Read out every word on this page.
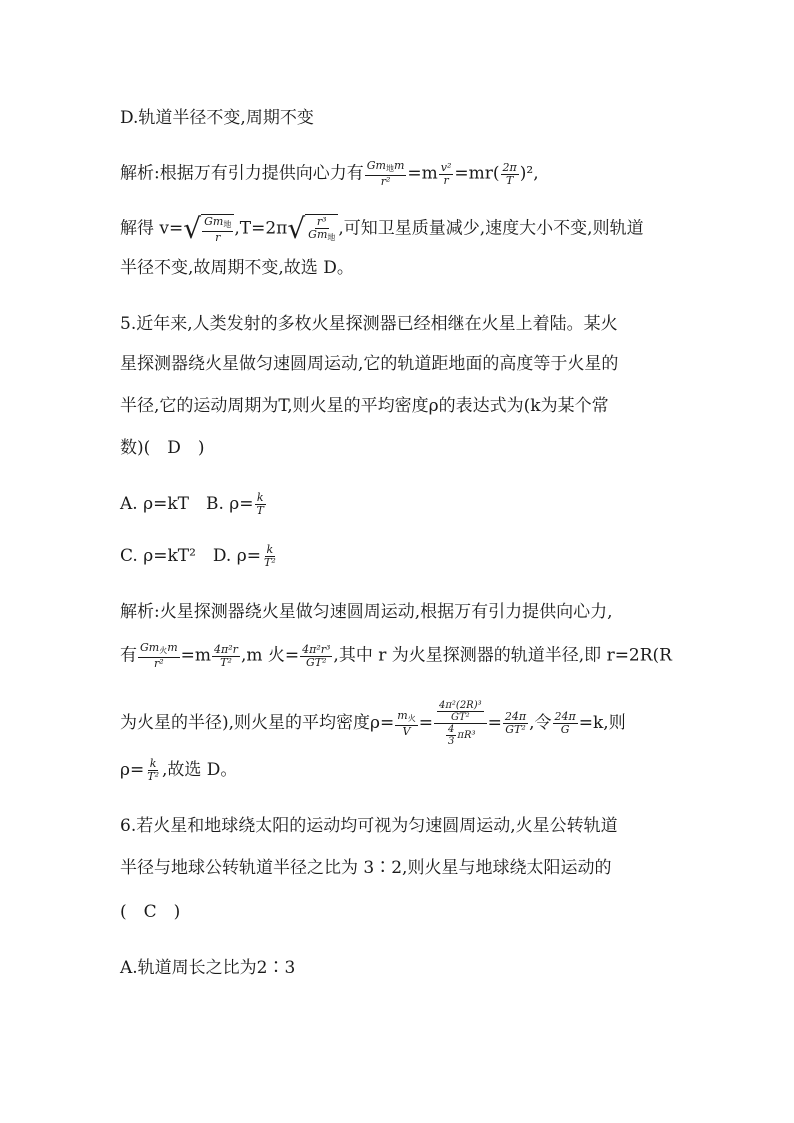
D.轨道半径不变,周期不变
解析:根据万有引力提供向心力有 $\frac{Gm_地m}{\text{r²}} =m \frac{\text{v²}}{r} =mr( \frac{2\pi}{T} )^2$,
解得 v= √ $\frac{Gm_地}{r} ,T=2\pi$ √ $\frac{\text{r³}}{Gm_地}$ ,可知卫星质量减少,速度大小不变,则轨道
半径不变,故周期不变,故选 D。
5.近年来,人类发射的多枚火星探测器已经相继在火星上着陆。某火
星探测器绕火星做匀速圆周运动,它的轨道距地面的高度等于火星的
半径,它的运动周期为T,则火星的平均密度ρ的表达式为(k为某个常
数)(　D　)
A. ρ=kT　B. $\rho= \frac{k}{T}$
C. ρ=kT²　D. $\rho= \frac{k}{\text{T²}}$
解析:火星探测器绕火星做匀速圆周运动,根据万有引力提供向心力,
有 $\frac{Gm_火m}{\text{r²}} =m \frac{\text{4π²r}}{\text{T²}} ,m$ 火= $\frac{\text{4π²r³}}{\text{GT²}}$ ,其中 r 为火星探测器的轨道半径,即 r=2R(R
为火星的半径),则火星的平均密度$\rho= \frac{m_火}{V} = \frac{\frac{\text{4π²(2R)³}}{\text{GT²}}}{\frac{4}{3} \pi R^3} = \frac{24\pi}{\text{GT²}}$ ,令 $\frac{24\pi}{G} =k$,则
$\rho= \frac{k}{\text{T²}}$ ,故选 D。
6.若火星和地球绕太阳的运动均可视为匀速圆周运动,火星公转轨道
半径与地球公转轨道半径之比为 3∶2,则火星与地球绕太阳运动的
(　C　)
A.轨道周长之比为2∶3
